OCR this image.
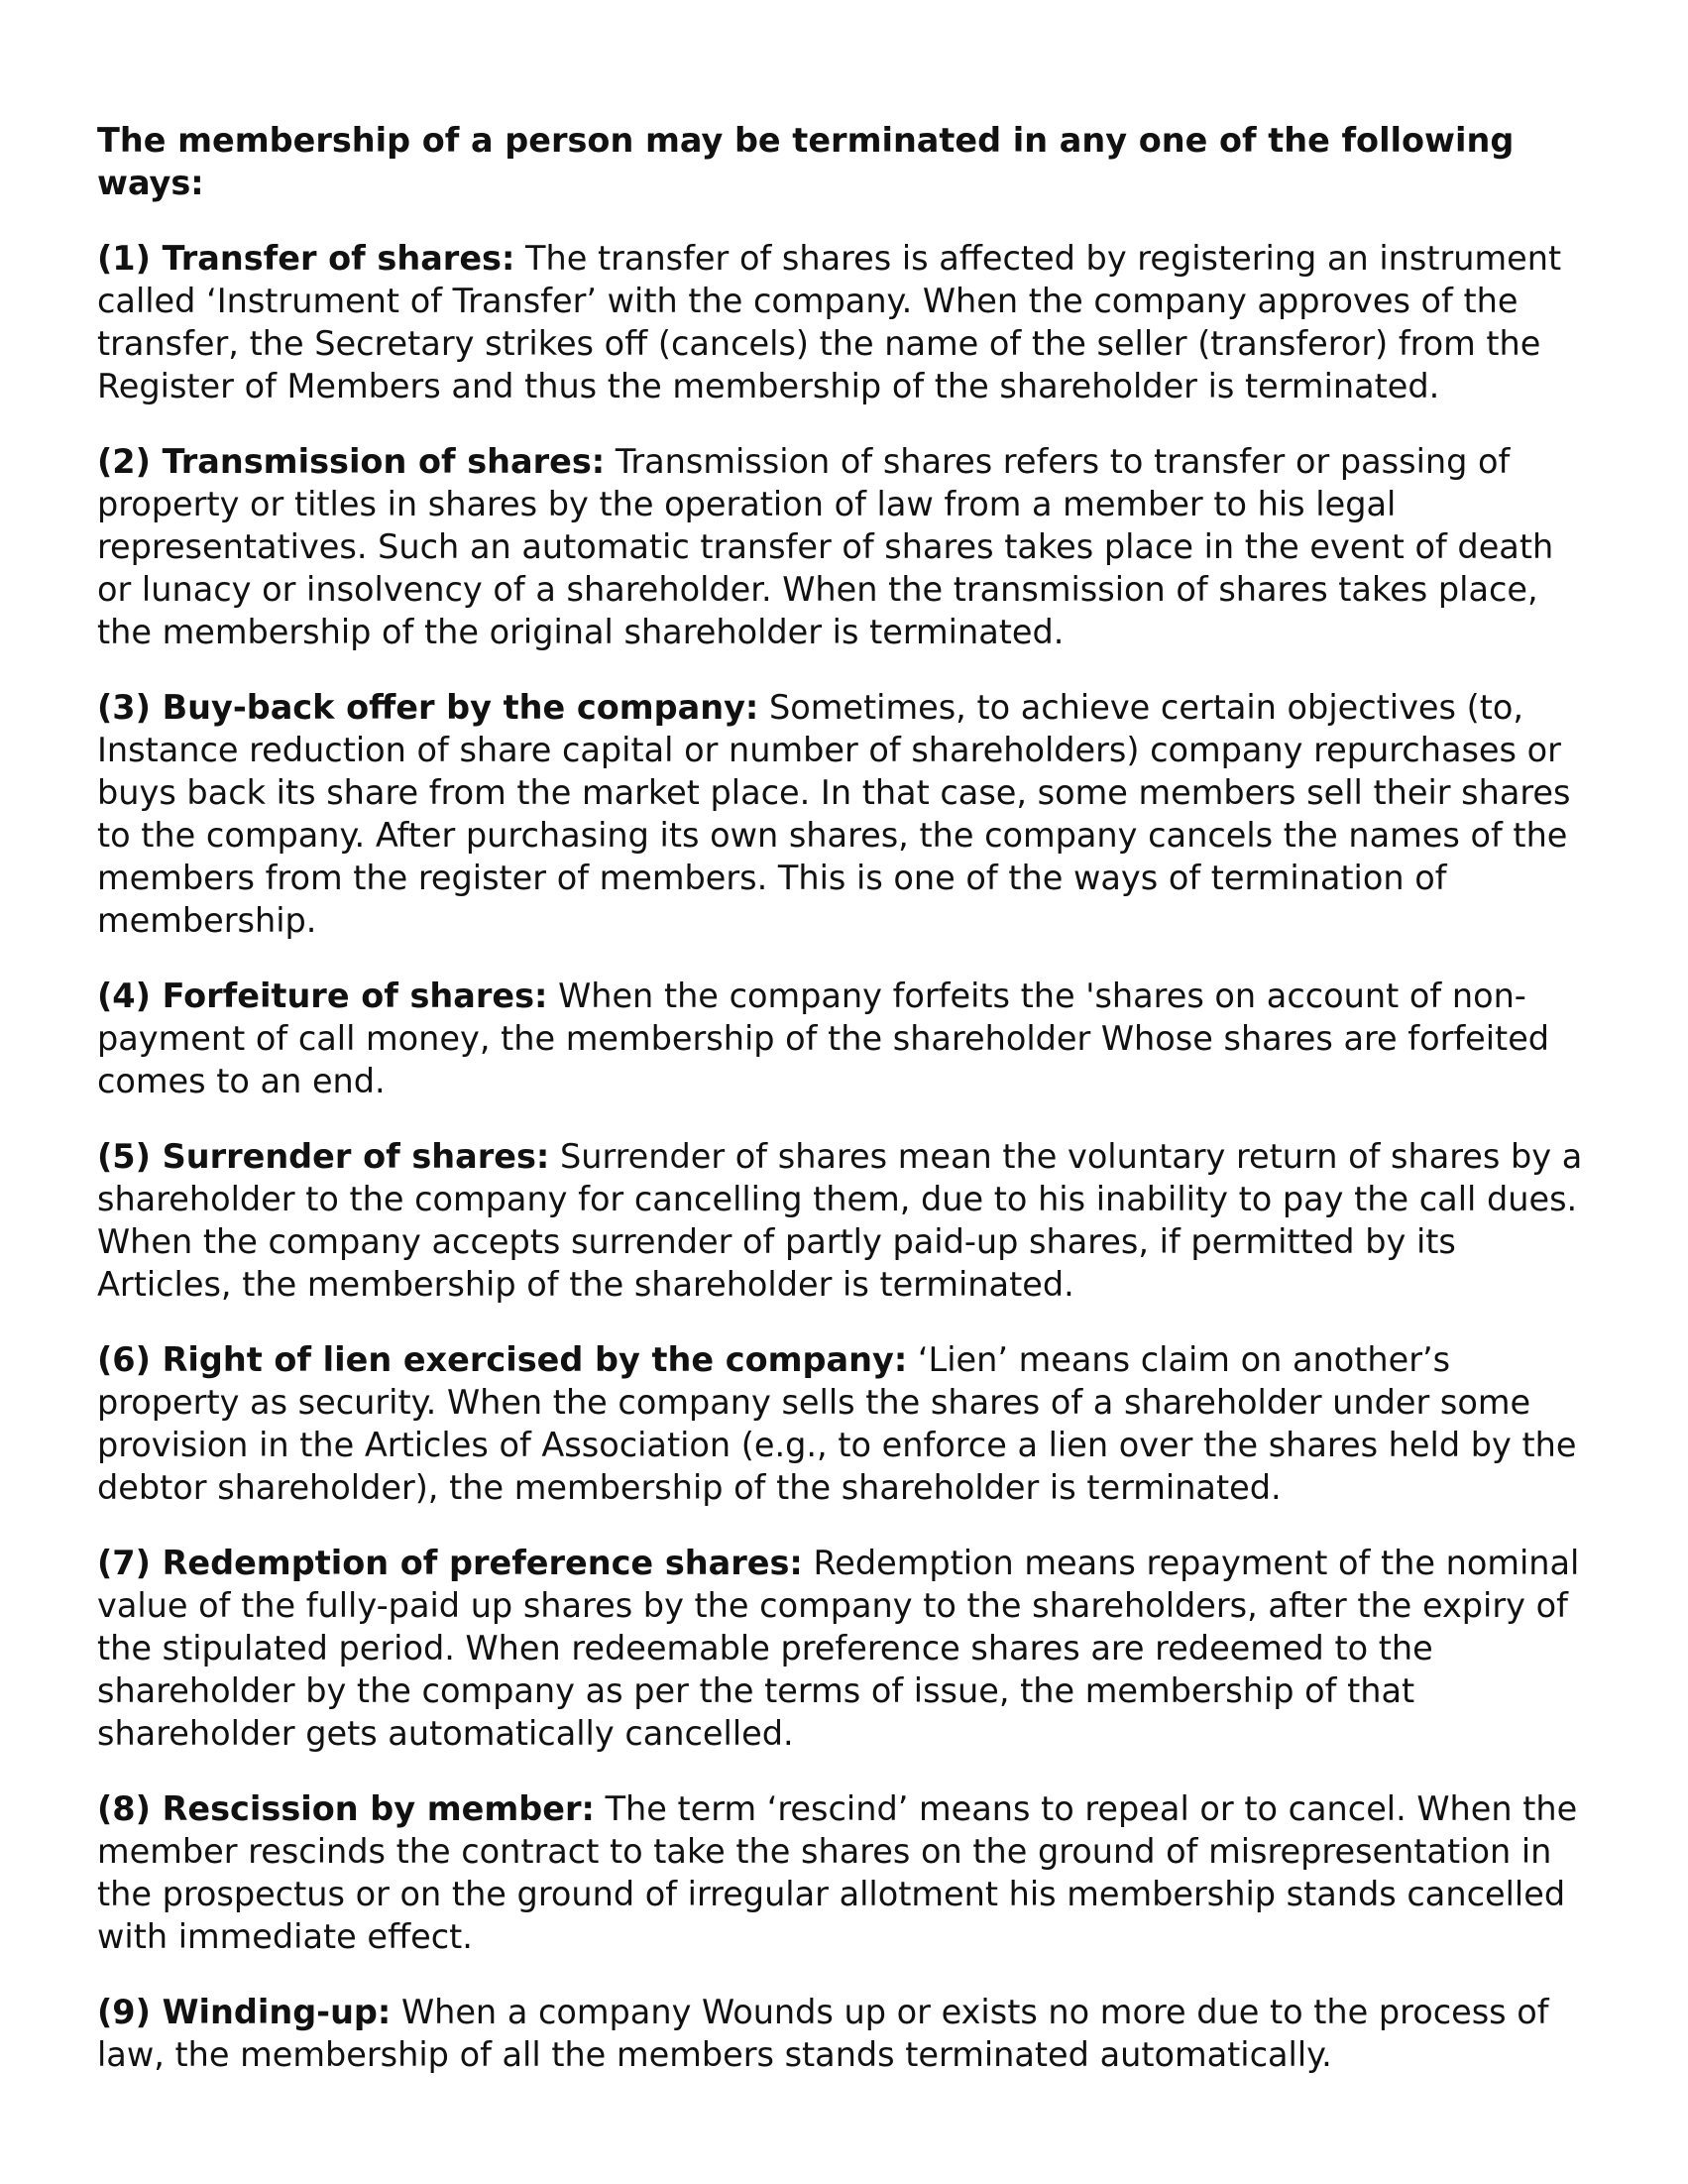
The membership of a person may be terminated in any one of the following ways:

(1) Transfer of shares: The transfer of shares is affected by registering an instrument called ‘Instrument of Transfer’ with the company. When the company approves of the transfer, the Secretary strikes off (cancels) the name of the seller (transferor) from the Register of Members and thus the membership of the shareholder is terminated.

(2) Transmission of shares: Transmission of shares refers to transfer or passing of property or titles in shares by the operation of law from a member to his legal representatives. Such an automatic transfer of shares takes place in the event of death or lunacy or insolvency of a shareholder. When the transmission of shares takes place, the membership of the original shareholder is terminated.

(3) Buy-back offer by the company: Sometimes, to achieve certain objectives (to, Instance reduction of share capital or number of shareholders) company repurchases or buys back its share from the market place. In that case, some members sell their shares to the company. After purchasing its own shares, the company cancels the names of the members from the register of members. This is one of the ways of termination of membership.

(4) Forfeiture of shares: When the company forfeits the 'shares on account of non-payment of call money, the membership of the shareholder Whose shares are forfeited comes to an end.

(5) Surrender of shares: Surrender of shares mean the voluntary return of shares by a shareholder to the company for cancelling them, due to his inability to pay the call dues. When the company accepts surrender of partly paid-up shares, if permitted by its Articles, the membership of the shareholder is terminated.

(6) Right of lien exercised by the company: ‘Lien’ means claim on another’s property as security. When the company sells the shares of a shareholder under some provision in the Articles of Association (e.g., to enforce a lien over the shares held by the debtor shareholder), the membership of the shareholder is terminated.

(7) Redemption of preference shares: Redemption means repayment of the nominal value of the fully-paid up shares by the company to the shareholders, after the expiry of the stipulated period. When redeemable preference shares are redeemed to the shareholder by the company as per the terms of issue, the membership of that shareholder gets automatically cancelled.

(8) Rescission by member: The term ‘rescind’ means to repeal or to cancel. When the member rescinds the contract to take the shares on the ground of misrepresentation in the prospectus or on the ground of irregular allotment his membership stands cancelled with immediate effect.

(9) Winding-up: When a company Wounds up or exists no more due to the process of law, the membership of all the members stands terminated automatically.
